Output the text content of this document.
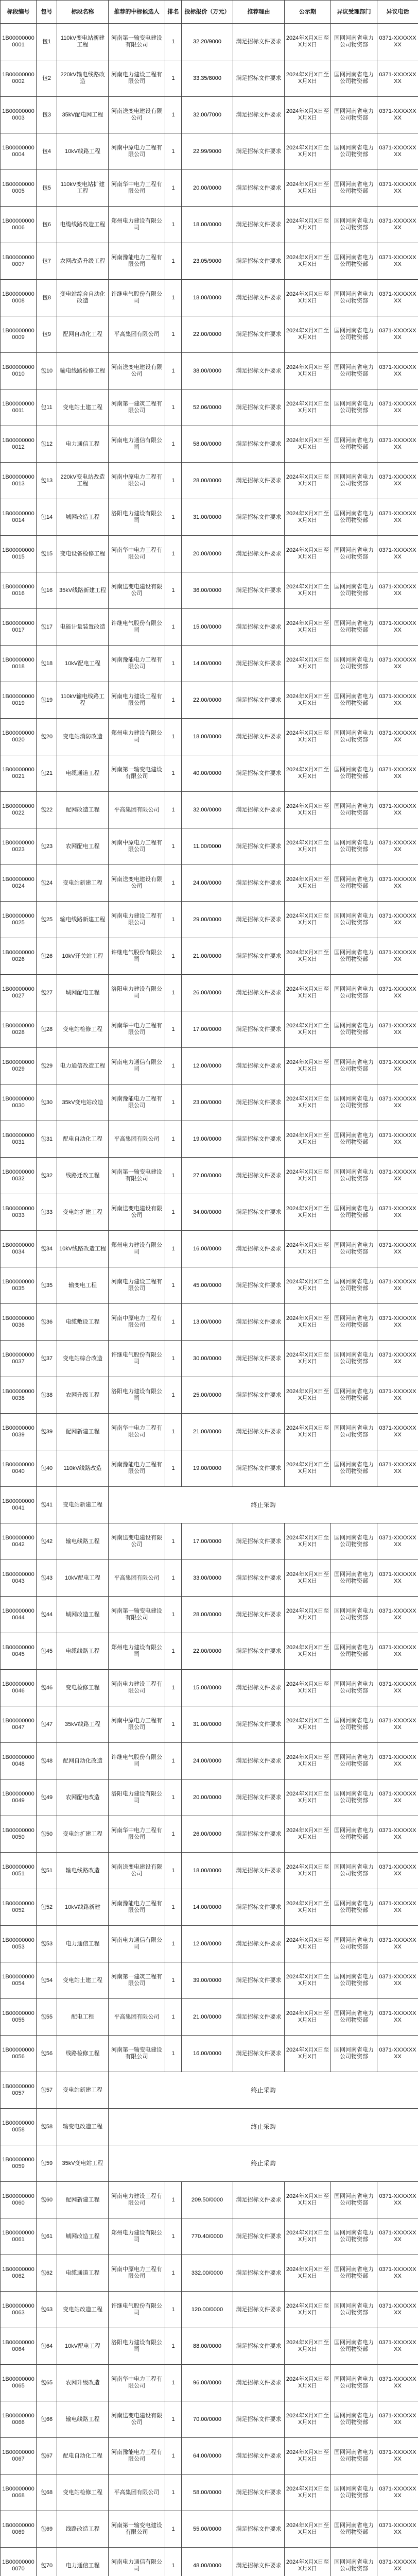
标段编号	包号	标段名称	推荐的中标候选人	排名	投标报价（万元）	推荐理由	公示期	异议受理部门	异议电话
1B000000000001	包1	110kV变电站新建工程	河南第一输变电建设有限公司	1	32.20/9000	满足招标文件要求	2024年X月X日至X月X日	国网河南省电力公司物资部	0371-XXXXXXXX
1B000000000002	包2	220kV输电线路改造	河南电力建设工程有限公司	1	33.35/8000	满足招标文件要求	2024年X月X日至X月X日	国网河南省电力公司物资部	0371-XXXXXXXX
1B000000000003	包3	35kV配电网工程	河南送变电建设有限公司	1	32.00/7000	满足招标文件要求	2024年X月X日至X月X日	国网河南省电力公司物资部	0371-XXXXXXXX
1B000000000004	包4	10kV线路工程	河南中原电力工程有限公司	1	22.99/9000	满足招标文件要求	2024年X月X日至X月X日	国网河南省电力公司物资部	0371-XXXXXXXX
1B000000000005	包5	110kV变电站扩建工程	河南华中电力工程有限公司	1	20.00/0000	满足招标文件要求	2024年X月X日至X月X日	国网河南省电力公司物资部	0371-XXXXXXXX
1B000000000006	包6	电缆线路改造工程	郑州电力建设有限公司	1	18.00/0000	满足招标文件要求	2024年X月X日至X月X日	国网河南省电力公司物资部	0371-XXXXXXXX
1B000000000007	包7	农网改造升级工程	河南豫能电力工程有限公司	1	23.05/9000	满足招标文件要求	2024年X月X日至X月X日	国网河南省电力公司物资部	0371-XXXXXXXX
1B000000000008	包8	变电站综合自动化改造	许继电气股份有限公司	1	18.00/0000	满足招标文件要求	2024年X月X日至X月X日	国网河南省电力公司物资部	0371-XXXXXXXX
1B000000000009	包9	配网自动化工程	平高集团有限公司	1	22.00/0000	满足招标文件要求	2024年X月X日至X月X日	国网河南省电力公司物资部	0371-XXXXXXXX
1B000000000010	包10	输电线路检修工程	河南送变电建设有限公司	1	38.00/0000	满足招标文件要求	2024年X月X日至X月X日	国网河南省电力公司物资部	0371-XXXXXXXX
1B000000000011	包11	变电站土建工程	河南第一建筑工程有限公司	1	52.06/0000	满足招标文件要求	2024年X月X日至X月X日	国网河南省电力公司物资部	0371-XXXXXXXX
1B000000000012	包12	电力通信工程	河南电力通信有限公司	1	58.00/0000	满足招标文件要求	2024年X月X日至X月X日	国网河南省电力公司物资部	0371-XXXXXXXX
1B000000000013	包13	220kV变电站改造工程	河南中原电力工程有限公司	1	28.00/0000	满足招标文件要求	2024年X月X日至X月X日	国网河南省电力公司物资部	0371-XXXXXXXX
1B000000000014	包14	城网改造工程	洛阳电力建设有限公司	1	31.00/0000	满足招标文件要求	2024年X月X日至X月X日	国网河南省电力公司物资部	0371-XXXXXXXX
1B000000000015	包15	变电设备检修工程	河南华中电力工程有限公司	1	20.00/0000	满足招标文件要求	2024年X月X日至X月X日	国网河南省电力公司物资部	0371-XXXXXXXX
1B000000000016	包16	35kV线路新建工程	河南送变电建设有限公司	1	36.00/0000	满足招标文件要求	2024年X月X日至X月X日	国网河南省电力公司物资部	0371-XXXXXXXX
1B000000000017	包17	电能计量装置改造	许继电气股份有限公司	1	15.00/0000	满足招标文件要求	2024年X月X日至X月X日	国网河南省电力公司物资部	0371-XXXXXXXX
1B000000000018	包18	10kV配电工程	河南豫能电力工程有限公司	1	14.00/0000	满足招标文件要求	2024年X月X日至X月X日	国网河南省电力公司物资部	0371-XXXXXXXX
1B000000000019	包19	110kV输电线路工程	河南电力建设工程有限公司	1	22.00/0000	满足招标文件要求	2024年X月X日至X月X日	国网河南省电力公司物资部	0371-XXXXXXXX
1B000000000020	包20	变电站消防改造	郑州电力建设有限公司	1	18.00/0000	满足招标文件要求	2024年X月X日至X月X日	国网河南省电力公司物资部	0371-XXXXXXXX
1B000000000021	包21	电缆通道工程	河南第一输变电建设有限公司	1	40.00/0000	满足招标文件要求	2024年X月X日至X月X日	国网河南省电力公司物资部	0371-XXXXXXXX
1B000000000022	包22	配网改造工程	平高集团有限公司	1	32.00/0000	满足招标文件要求	2024年X月X日至X月X日	国网河南省电力公司物资部	0371-XXXXXXXX
1B000000000023	包23	农网配电工程	河南中原电力工程有限公司	1	11.00/0000	满足招标文件要求	2024年X月X日至X月X日	国网河南省电力公司物资部	0371-XXXXXXXX
1B000000000024	包24	变电站新建工程	河南送变电建设有限公司	1	24.00/0000	满足招标文件要求	2024年X月X日至X月X日	国网河南省电力公司物资部	0371-XXXXXXXX
1B000000000025	包25	输电线路新建工程	河南电力建设工程有限公司	1	29.00/0000	满足招标文件要求	2024年X月X日至X月X日	国网河南省电力公司物资部	0371-XXXXXXXX
1B000000000026	包26	10kV开关站工程	许继电气股份有限公司	1	21.00/0000	满足招标文件要求	2024年X月X日至X月X日	国网河南省电力公司物资部	0371-XXXXXXXX
1B000000000027	包27	城网配电工程	洛阳电力建设有限公司	1	26.00/0000	满足招标文件要求	2024年X月X日至X月X日	国网河南省电力公司物资部	0371-XXXXXXXX
1B000000000028	包28	变电站检修工程	河南华中电力工程有限公司	1	17.00/0000	满足招标文件要求	2024年X月X日至X月X日	国网河南省电力公司物资部	0371-XXXXXXXX
1B000000000029	包29	电力通信改造工程	河南电力通信有限公司	1	12.00/0000	满足招标文件要求	2024年X月X日至X月X日	国网河南省电力公司物资部	0371-XXXXXXXX
1B000000000030	包30	35kV变电站改造	河南豫能电力工程有限公司	1	23.00/0000	满足招标文件要求	2024年X月X日至X月X日	国网河南省电力公司物资部	0371-XXXXXXXX
1B000000000031	包31	配电自动化工程	平高集团有限公司	1	19.00/0000	满足招标文件要求	2024年X月X日至X月X日	国网河南省电力公司物资部	0371-XXXXXXXX
1B000000000032	包32	线路迁改工程	河南第一输变电建设有限公司	1	27.00/0000	满足招标文件要求	2024年X月X日至X月X日	国网河南省电力公司物资部	0371-XXXXXXXX
1B000000000033	包33	变电站扩建工程	河南送变电建设有限公司	1	34.00/0000	满足招标文件要求	2024年X月X日至X月X日	国网河南省电力公司物资部	0371-XXXXXXXX
1B000000000034	包34	10kV线路改造工程	郑州电力建设有限公司	1	16.00/0000	满足招标文件要求	2024年X月X日至X月X日	国网河南省电力公司物资部	0371-XXXXXXXX
1B000000000035	包35	输变电工程	河南电力建设工程有限公司	1	45.00/0000	满足招标文件要求	2024年X月X日至X月X日	国网河南省电力公司物资部	0371-XXXXXXXX
1B000000000036	包36	电缆敷设工程	河南中原电力工程有限公司	1	13.00/0000	满足招标文件要求	2024年X月X日至X月X日	国网河南省电力公司物资部	0371-XXXXXXXX
1B000000000037	包37	变电站综合改造	许继电气股份有限公司	1	30.00/0000	满足招标文件要求	2024年X月X日至X月X日	国网河南省电力公司物资部	0371-XXXXXXXX
1B000000000038	包38	农网升级工程	洛阳电力建设有限公司	1	25.00/0000	满足招标文件要求	2024年X月X日至X月X日	国网河南省电力公司物资部	0371-XXXXXXXX
1B000000000039	包39	配网新建工程	河南华中电力工程有限公司	1	21.00/0000	满足招标文件要求	2024年X月X日至X月X日	国网河南省电力公司物资部	0371-XXXXXXXX
1B000000000040	包40	110kV线路改造	河南豫能电力工程有限公司	1	19.00/0000	满足招标文件要求	2024年X月X日至X月X日	国网河南省电力公司物资部	0371-XXXXXXXX
1B000000000041	包41	变电站新建工程	终止采购						
1B000000000042	包42	输电线路工程	河南送变电建设有限公司	1	17.00/0000	满足招标文件要求	2024年X月X日至X月X日	国网河南省电力公司物资部	0371-XXXXXXXX
1B000000000043	包43	10kV配电工程	平高集团有限公司	1	33.00/0000	满足招标文件要求	2024年X月X日至X月X日	国网河南省电力公司物资部	0371-XXXXXXXX
1B000000000044	包44	城网改造工程	河南第一输变电建设有限公司	1	28.00/0000	满足招标文件要求	2024年X月X日至X月X日	国网河南省电力公司物资部	0371-XXXXXXXX
1B000000000045	包45	电缆线路工程	郑州电力建设有限公司	1	22.00/0000	满足招标文件要求	2024年X月X日至X月X日	国网河南省电力公司物资部	0371-XXXXXXXX
1B000000000046	包46	变电检修工程	河南电力建设工程有限公司	1	15.00/0000	满足招标文件要求	2024年X月X日至X月X日	国网河南省电力公司物资部	0371-XXXXXXXX
1B000000000047	包47	35kV线路工程	河南中原电力工程有限公司	1	31.00/0000	满足招标文件要求	2024年X月X日至X月X日	国网河南省电力公司物资部	0371-XXXXXXXX
1B000000000048	包48	配网自动化改造	许继电气股份有限公司	1	24.00/0000	满足招标文件要求	2024年X月X日至X月X日	国网河南省电力公司物资部	0371-XXXXXXXX
1B000000000049	包49	农网配电改造	洛阳电力建设有限公司	1	20.00/0000	满足招标文件要求	2024年X月X日至X月X日	国网河南省电力公司物资部	0371-XXXXXXXX
1B000000000050	包50	变电站扩建工程	河南华中电力工程有限公司	1	26.00/0000	满足招标文件要求	2024年X月X日至X月X日	国网河南省电力公司物资部	0371-XXXXXXXX
1B000000000051	包51	输电线路改造	河南送变电建设有限公司	1	18.00/0000	满足招标文件要求	2024年X月X日至X月X日	国网河南省电力公司物资部	0371-XXXXXXXX
1B000000000052	包52	10kV线路新建	河南豫能电力工程有限公司	1	14.00/0000	满足招标文件要求	2024年X月X日至X月X日	国网河南省电力公司物资部	0371-XXXXXXXX
1B000000000053	包53	电力通信工程	河南电力通信有限公司	1	12.00/0000	满足招标文件要求	2024年X月X日至X月X日	国网河南省电力公司物资部	0371-XXXXXXXX
1B000000000054	包54	变电站土建工程	河南第一建筑工程有限公司	1	39.00/0000	满足招标文件要求	2024年X月X日至X月X日	国网河南省电力公司物资部	0371-XXXXXXXX
1B000000000055	包55	配电工程	平高集团有限公司	1	21.00/0000	满足招标文件要求	2024年X月X日至X月X日	国网河南省电力公司物资部	0371-XXXXXXXX
1B000000000056	包56	线路检修工程	河南第一输变电建设有限公司	1	16.00/0000	满足招标文件要求	2024年X月X日至X月X日	国网河南省电力公司物资部	0371-XXXXXXXX
1B000000000057	包57	变电站新建工程	终止采购						
1B000000000058	包58	输变电改造工程	终止采购						
1B000000000059	包59	35kV变电站工程	终止采购						
1B000000000060	包60	配网新建工程	河南电力建设工程有限公司	1	209.50/0000	满足招标文件要求	2024年X月X日至X月X日	国网河南省电力公司物资部	0371-XXXXXXXX
1B000000000061	包61	城网改造工程	郑州电力建设有限公司	1	770.40/0000	满足招标文件要求	2024年X月X日至X月X日	国网河南省电力公司物资部	0371-XXXXXXXX
1B000000000062	包62	电缆通道工程	河南中原电力工程有限公司	1	332.00/0000	满足招标文件要求	2024年X月X日至X月X日	国网河南省电力公司物资部	0371-XXXXXXXX
1B000000000063	包63	变电站改造工程	许继电气股份有限公司	1	120.00/0000	满足招标文件要求	2024年X月X日至X月X日	国网河南省电力公司物资部	0371-XXXXXXXX
1B000000000064	包64	10kV配电工程	洛阳电力建设有限公司	1	88.00/0000	满足招标文件要求	2024年X月X日至X月X日	国网河南省电力公司物资部	0371-XXXXXXXX
1B000000000065	包65	农网升级改造	河南华中电力工程有限公司	1	96.00/0000	满足招标文件要求	2024年X月X日至X月X日	国网河南省电力公司物资部	0371-XXXXXXXX
1B000000000066	包66	输电线路工程	河南送变电建设有限公司	1	70.00/0000	满足招标文件要求	2024年X月X日至X月X日	国网河南省电力公司物资部	0371-XXXXXXXX
1B000000000067	包67	配电自动化工程	河南豫能电力工程有限公司	1	64.00/0000	满足招标文件要求	2024年X月X日至X月X日	国网河南省电力公司物资部	0371-XXXXXXXX
1B000000000068	包68	变电站检修工程	平高集团有限公司	1	58.00/0000	满足招标文件要求	2024年X月X日至X月X日	国网河南省电力公司物资部	0371-XXXXXXXX
1B000000000069	包69	线路改造工程	河南第一输变电建设有限公司	1	55.00/0000	满足招标文件要求	2024年X月X日至X月X日	国网河南省电力公司物资部	0371-XXXXXXXX
1B000000000070	包70	电力通信工程	河南电力通信有限公司	1	48.00/0000	满足招标文件要求	2024年X月X日至X月X日	国网河南省电力公司物资部	0371-XXXXXXXX
